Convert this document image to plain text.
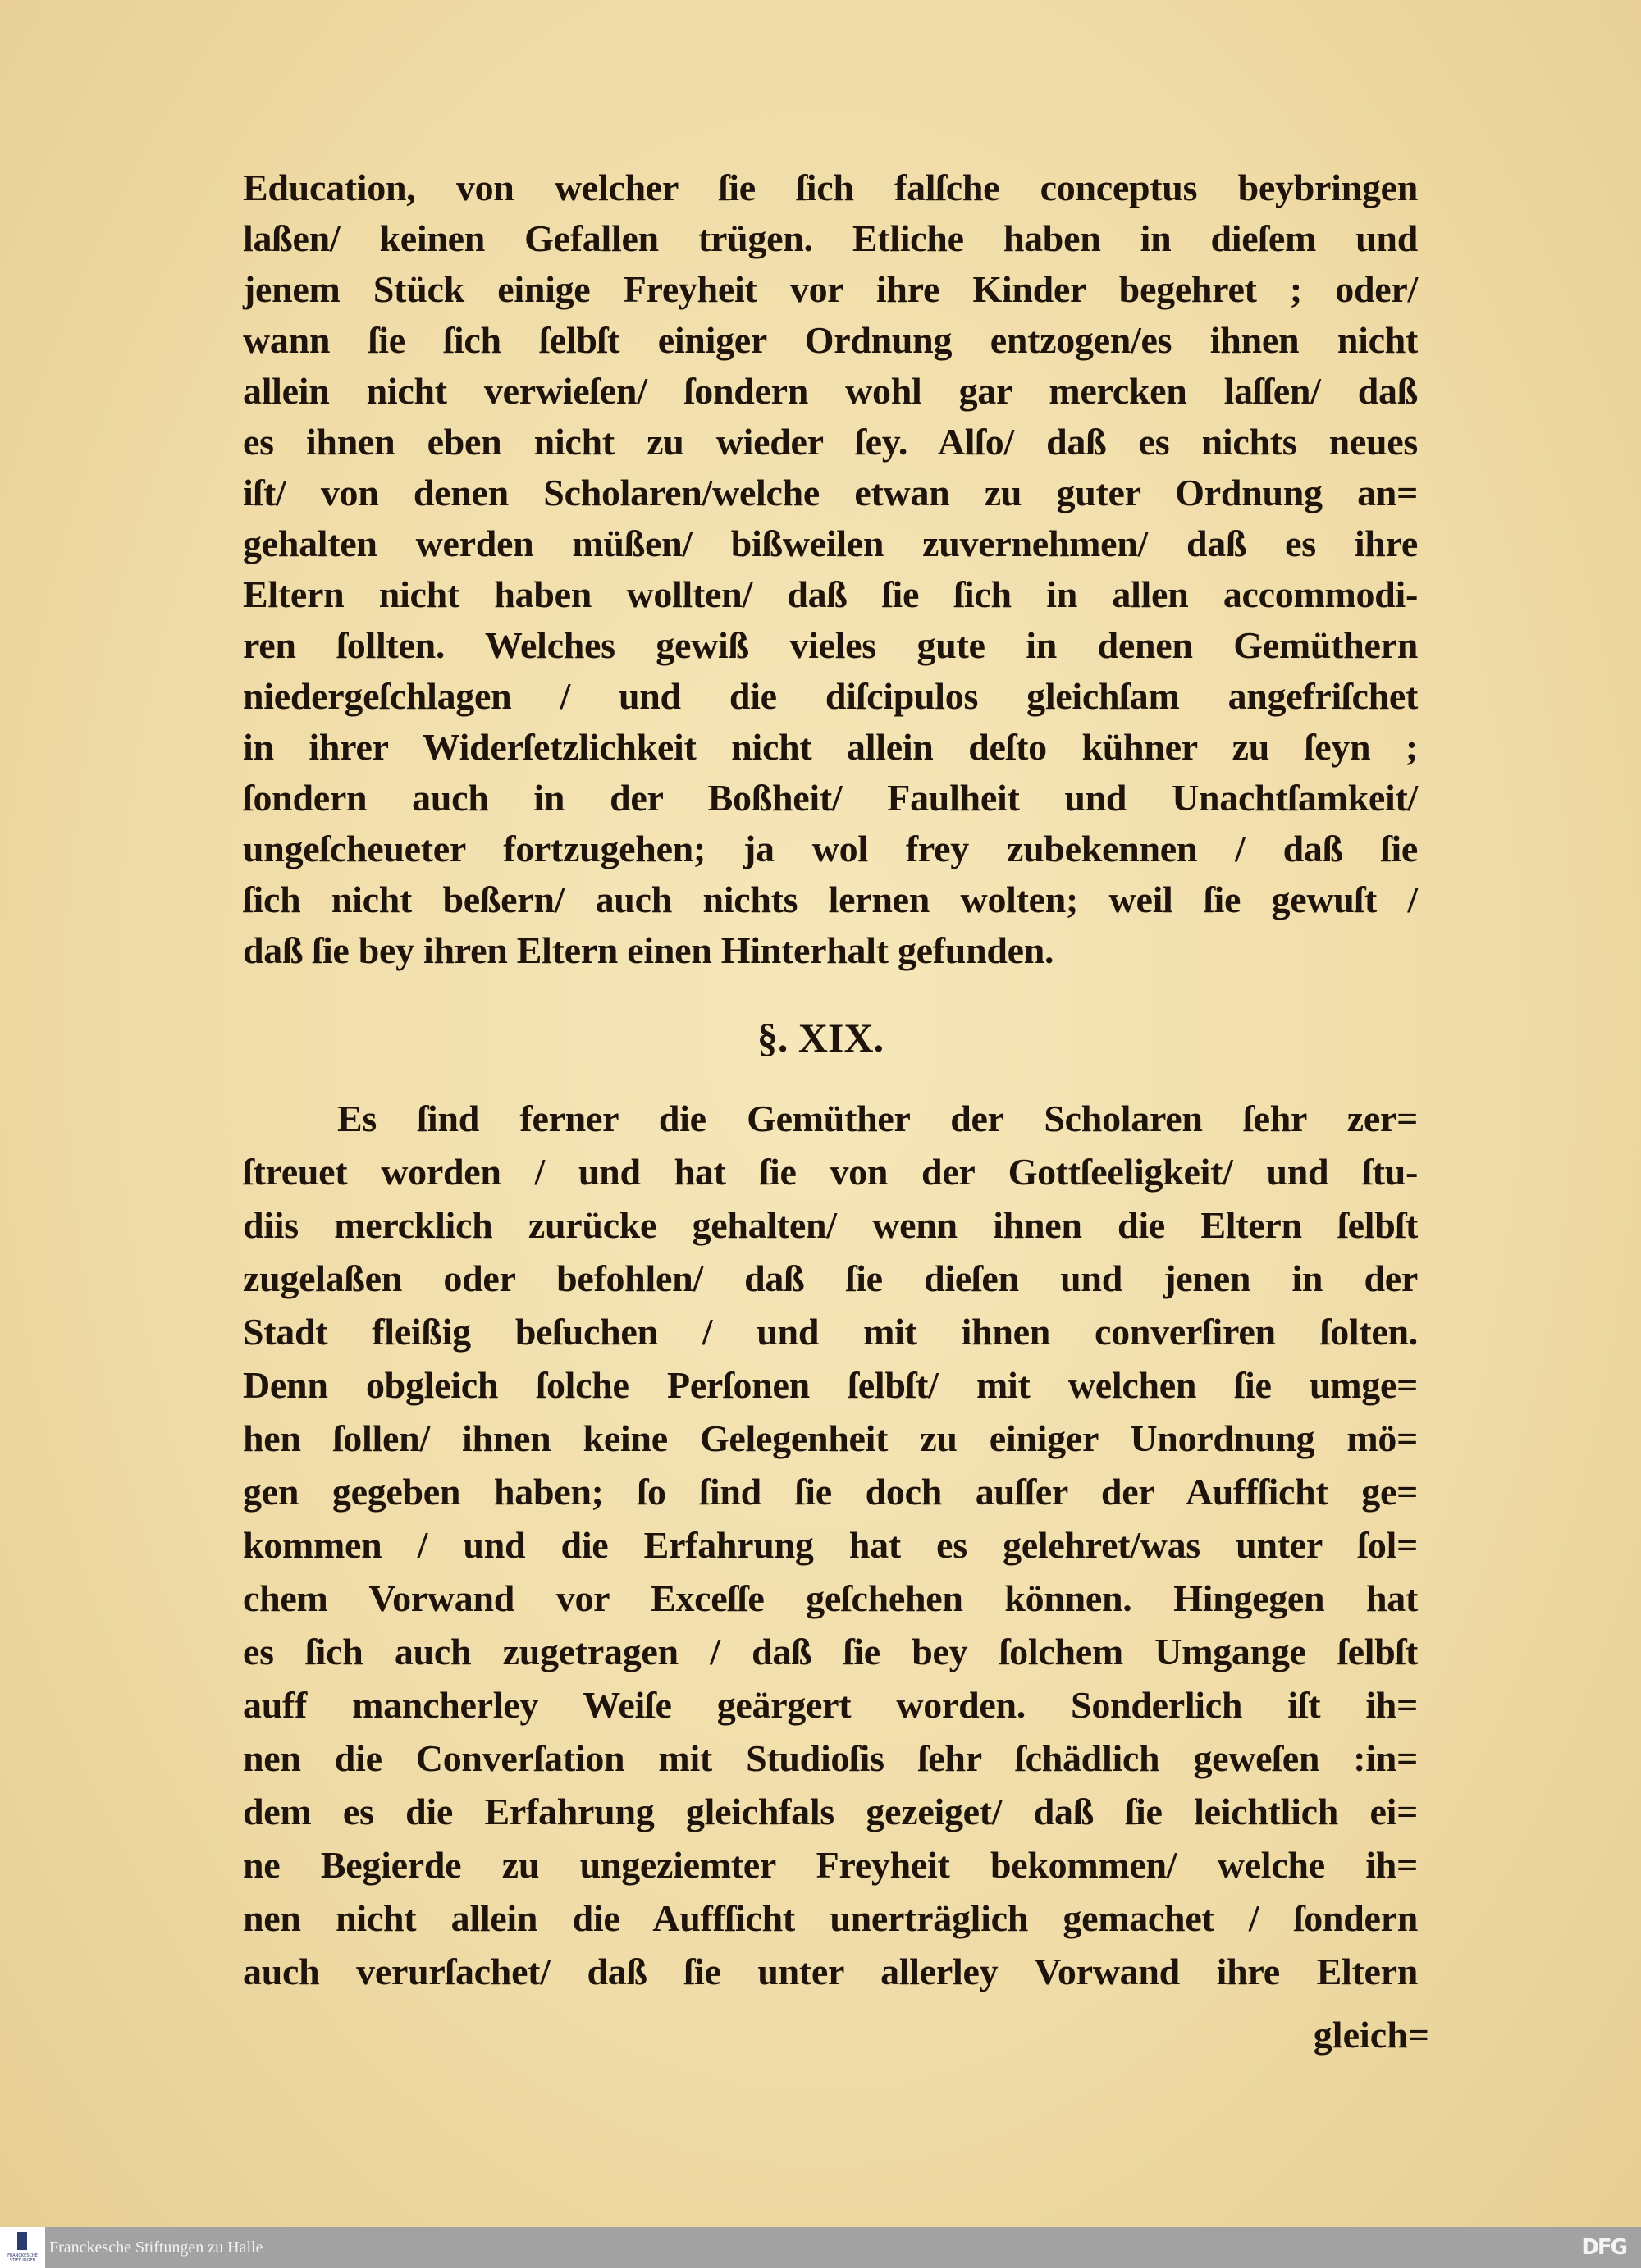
Education, von welcher ſie ſich falſche conceptus beybringen
laßen/ keinen Gefallen trügen. Etliche haben in dieſem und
jenem Stück einige Freyheit vor ihre Kinder begehret ; oder/
wann ſie ſich ſelbſt einiger Ordnung entzogen/es ihnen nicht
allein nicht verwieſen/ ſondern wohl gar mercken laſſen/ daß
es ihnen eben nicht zu wieder ſey. Alſo/ daß es nichts neues
iſt/ von denen Scholaren/welche etwan zu guter Ordnung an=
gehalten werden müßen/ bißweilen zuvernehmen/ daß es ihre
Eltern nicht haben wollten/ daß ſie ſich in allen accommodi-
ren ſollten. Welches gewiß vieles gute in denen Gemüthern
niedergeſchlagen / und die diſcipulos gleichſam angefriſchet
in ihrer Widerſetzlichkeit nicht allein deſto kühner zu ſeyn ;
ſondern auch in der Boßheit/ Faulheit und Unachtſamkeit/
ungeſcheueter fortzugehen; ja wol frey zubekennen / daß ſie
ſich nicht beßern/ auch nichts lernen wolten; weil ſie gewuſt /
daß ſie bey ihren Eltern einen Hinterhalt gefunden.
§. XIX.
Es ſind ferner die Gemüther der Scholaren ſehr zer=
ſtreuet worden / und hat ſie von der Gottſeeligkeit/ und ſtu-
diis mercklich zurücke gehalten/ wenn ihnen die Eltern ſelbſt
zugelaßen oder befohlen/ daß ſie dieſen und jenen in der
Stadt fleißig beſuchen / und mit ihnen converſiren ſolten.
Denn obgleich ſolche Perſonen ſelbſt/ mit welchen ſie umge=
hen ſollen/ ihnen keine Gelegenheit zu einiger Unordnung mö=
gen gegeben haben; ſo ſind ſie doch auſſer der Auffſicht ge=
kommen / und die Erfahrung hat es gelehret/was unter ſol=
chem Vorwand vor Exceſſe geſchehen können. Hingegen hat
es ſich auch zugetragen / daß ſie bey ſolchem Umgange ſelbſt
auff mancherley Weiſe geärgert worden. Sonderlich iſt ih=
nen die Converſation mit Studioſis ſehr ſchädlich geweſen :in=
dem es die Erfahrung gleichfals gezeiget/ daß ſie leichtlich ei=
ne Begierde zu ungeziemter Freyheit bekommen/ welche ih=
nen nicht allein die Auffſicht unerträglich gemachet / ſondern
auch verurſachet/ daß ſie unter allerley Vorwand ihre Eltern
gleich=
FRANCKESCHE STIFTUNGEN
Franckesche Stiftungen zu Halle	DFG
